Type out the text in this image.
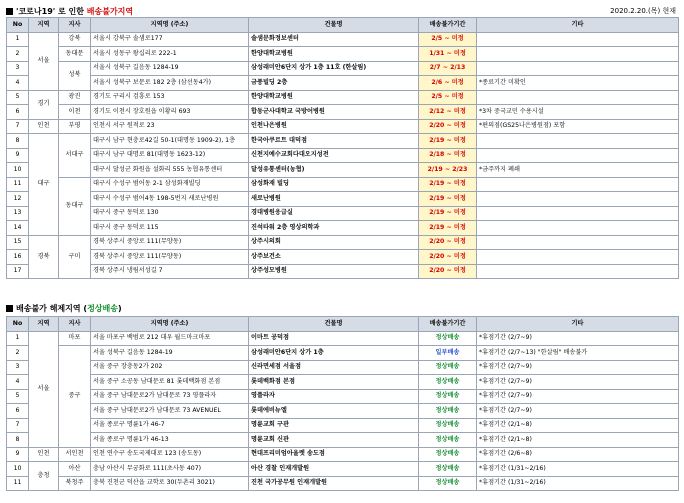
'코로나19' 로 인한 배송불가지역	2020.2.20.(목) 현재
No	지역	지사	지역명 (주소)	건물명	배송불가기간	기타
1	서울	강북	서울시 강북구 솔샘로177	솔샘문화정보센터	2/5 ~ 미정	
2		동대문	서울시 성동구 왕십리로 222-1	한양대학교병원	1/31 ~ 미정	
3		성북	서울시 성북구 길음동 1284-19	삼성래미안6단지 상가 1층 11호 (한살림)	2/7 ~ 2/13	
4			서울시 성북구 보문로 182 2층 (삼선동4가)	금풍빌딩 2층	2/6 ~ 미정	*종료기간 미확인
5	경기	광진	경기도 구리시 검흥로 153	한양대학교병원	2/5 ~ 미정	
6		이천	경기도 이천시 장호원읍 이황리 693	합동군사대학교 국방어병원	2/12 ~ 미정	*3차 중국교민 수용시설
7	인천	부평	인천시 서구 원적로 23	인천나은병원	2/20 ~ 미정	*편의점(GS25나은병원점) 포함
8	대구	서대구	대구시 남구 현충로42길 50-1(대명동 1909-2), 1층	한국아쿠르트 대덕점	2/19 ~ 미정	
9			대구시 남구 대명로 81(대명동 1623-12)	신천지예수교회다대오지성전	2/18 ~ 미정	
10			대구시 달성군 화원읍 설화리 555 농협유통센터	달성유통센터(농협)	2/19 ~ 2/23	*금주까지 폐쇄
11		동대구	대구시 수성구 범어동 2-1 삼성화재빌딩	삼성화재 빌딩	2/19 ~ 미정	
12			대구시 수성구 범어4동 198-5번지 새로난병원	새로난병원	2/19 ~ 미정	
13			대구시 중구 동덕로 130	경대병원응급실	2/19 ~ 미정	
14			대구시 중구 동덕로 115	진석타워 2층 영상의학과	2/19 ~ 미정	
15	경북	구미	경북 상주시 중앙로 111(무양동)	상주시의회	2/20 ~ 미정	
16			경북 상주시 중앙로 111(무양동)	상주보건소	2/20 ~ 미정	
17			경북 상주시 냉림서성길 7	상주성모병원	2/20 ~ 미정	
배송불가 해제지역 (정상배송)
No	지역	지사	지역명 (주소)	건물명	배송불가기간	기타
1	서울	마포	서울 마포구 백범로 212 대우 월드마크마포	이마트 공덕점	정상배송	*휴점기간 (2/7~9)
2		중구	서울 성북구 길음동 1284-19	삼성래미안6단지 상가 1층	일부배송	*휴점기간 (2/7~13) "한살림" 배송불가
3			서울 중구 장충동2가 202	신라면세점 서울점	정상배송	*휴점기간 (2/7~9)
4			서울 중구 소공동 남대문로 81 롯데백화점 본점	롯데백화점 본점	정상배송	*휴점기간 (2/7~9)
5			서울 중구 남대문로2가 남대문로 73 영플라자	영플라자	정상배송	*휴점기간 (2/7~9)
6			서울 중구 남대문로2가 남대문로 73 AVENUEL	롯데에비뉴엘	정상배송	*휴점기간 (2/7~9)
7			서울 종로구 명륜1가 46-7	명륜교회 구관	정상배송	*휴점기간 (2/1~8)
8			서울 종로구 명륜1가 46-13	명륜교회 신관	정상배송	*휴점기간 (2/1~8)
9	인천	서인천	인천 연수구 송도국제대로 123 (송도동)	현대프리미엄아울렛 송도점	정상배송	*휴점기간 (2/6~8)
10	충청	아산	충남 아산시 무궁화로 111(초사동 407)	아산 경찰 인재개발원	정상배송	*휴점기간 (1/31~2/16)
11		북청주	충북 진천군 덕산읍 교학로 30(두촌리 3021)	진천 국가공무원 인재개발원	정상배송	*휴점기간 (1/31~2/16)
